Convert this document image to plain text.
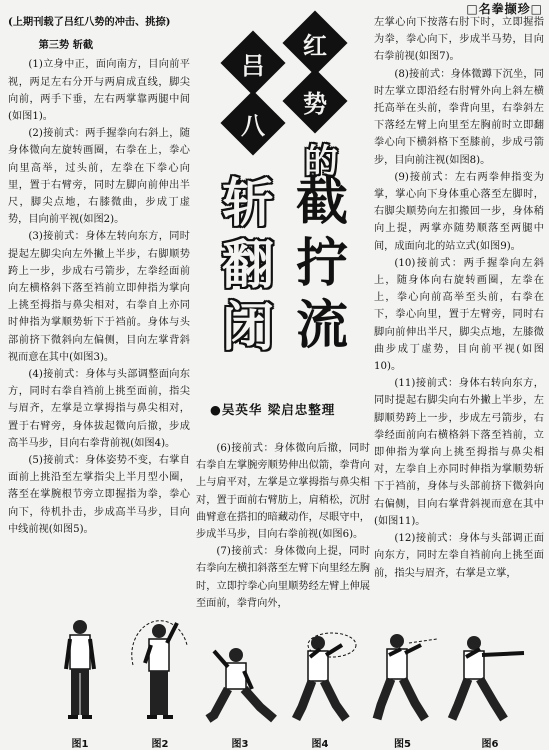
□名拳撷珍□

(上期刊载了吕红八势的冲击、挑捺)

第三势 斩截

(1)立身中正，面向南方，目向前平视，两足左右分开与两肩成直线，脚尖向前，两手下垂，左右两掌靠两腿中间(如图1)。

(2)接前式：两手握拳向右斜上，随身体微向左旋转画圈，右拳在上，拳心向里高举，过头前，左拳在下拳心向里，置于右臂旁，同时左脚向前伸出半尺，脚尖点地，右膝微曲，步成丁虚势，目向前平视(如图2)。

(3)接前式：身体左转向东方，同时提起左脚尖向左外撇上半步，右脚顺势跨上一步，步成右弓箭步，左拳经面前向左横格斜下落至裆前立即伸指为掌向上挑至拇指与鼻尖相对，右拳自上亦同时伸指为掌顺势斩下于裆前。身体与头部前挤下微斜向左偏侧，目向左掌背斜视而意在其中(如图3)。

(4)接前式：身体与头部调整面向东方，同时右拳自裆前上挑至面前，指尖与眉齐，左掌是立掌拇指与鼻尖相对，置于右臂旁，身体拔起微向后撤，步成高半马步，目向右拳背前视(如图4)。

(5)接前式：身体姿势不变，右掌自面前上挑沿至左掌指尖上半月型小圈，落至在掌腕根节旁立即握指为拳，拳心向下，待机扑击，步成高半马步，目向中线前视(如图5)。

吕
红
八
势
的
斩 截
翻 拧
闭 流
●吴英华 梁启忠整理

(6)接前式：身体微向后撤，同时右拳自左掌腕旁顺势伸出似箭，拳背向上与肩平对，左掌是立掌拇指与鼻尖相对，置于面前右臂肪上，肩稍松，沉肘曲臂意在搭扣的暗藏动作，尽眼守中，步成半马步，目向右拳前视(如图6)。

(7)接前式：身体微向上提，同时右拳向左横扣斜落至左臂下向里经左胸时，立即拧拳心向里顺势经左臂上伸展至面前，拳背向外，

左掌心向下按落右肘下时，立即握指为拳，拳心向下，步成半马势，目向右拳前视(如图7)。

(8)接前式：身体微蹲下沉坐，同时左掌立即沿经右肘臂外向上斜左横托高举在头前，拳背向里，右拳斜左下落经左臂上向里至左胸前时立即翻拳心向下横斜格下至膝前，步成弓箭步，目向前注视(如图8)。

(9)接前式：左右两拳伸指变为掌，掌心向下身体重心落至左脚时，右脚尖顺势向左扣搬回一步，身体稍向上提，两掌亦随势顺落至两腿中间，成面向北的站立式(如图9)。

(10)接前式：两手握拳向左斜上，随身体向右旋转画圈，左拳在上，拳心向前高举至头前，右拳在下，拳心向里，置于左臂旁，同时右脚向前伸出半尺，脚尖点地，左膝微曲步成丁虚势，目向前平视(如图10)。

(11)接前式：身体右转向东方，同时提起右脚尖向右外撇上半步，左脚顺势跨上一步，步成左弓箭步，右拳经面前向右横格斜下落至裆前，立即伸指为掌向上挑至拇指与鼻尖相对，左拳自上亦同时伸指为掌顺势斩下于裆前，身体与头部前挤下微斜向右偏侧，目向右掌背斜视而意在其中(如图11)。

(12)接前式：身体与头部调正面向东方，同时左拳自裆前向上挑至面前，指尖与眉齐，右掌是立掌，

图1	图2	图3	图4	图5	图6
